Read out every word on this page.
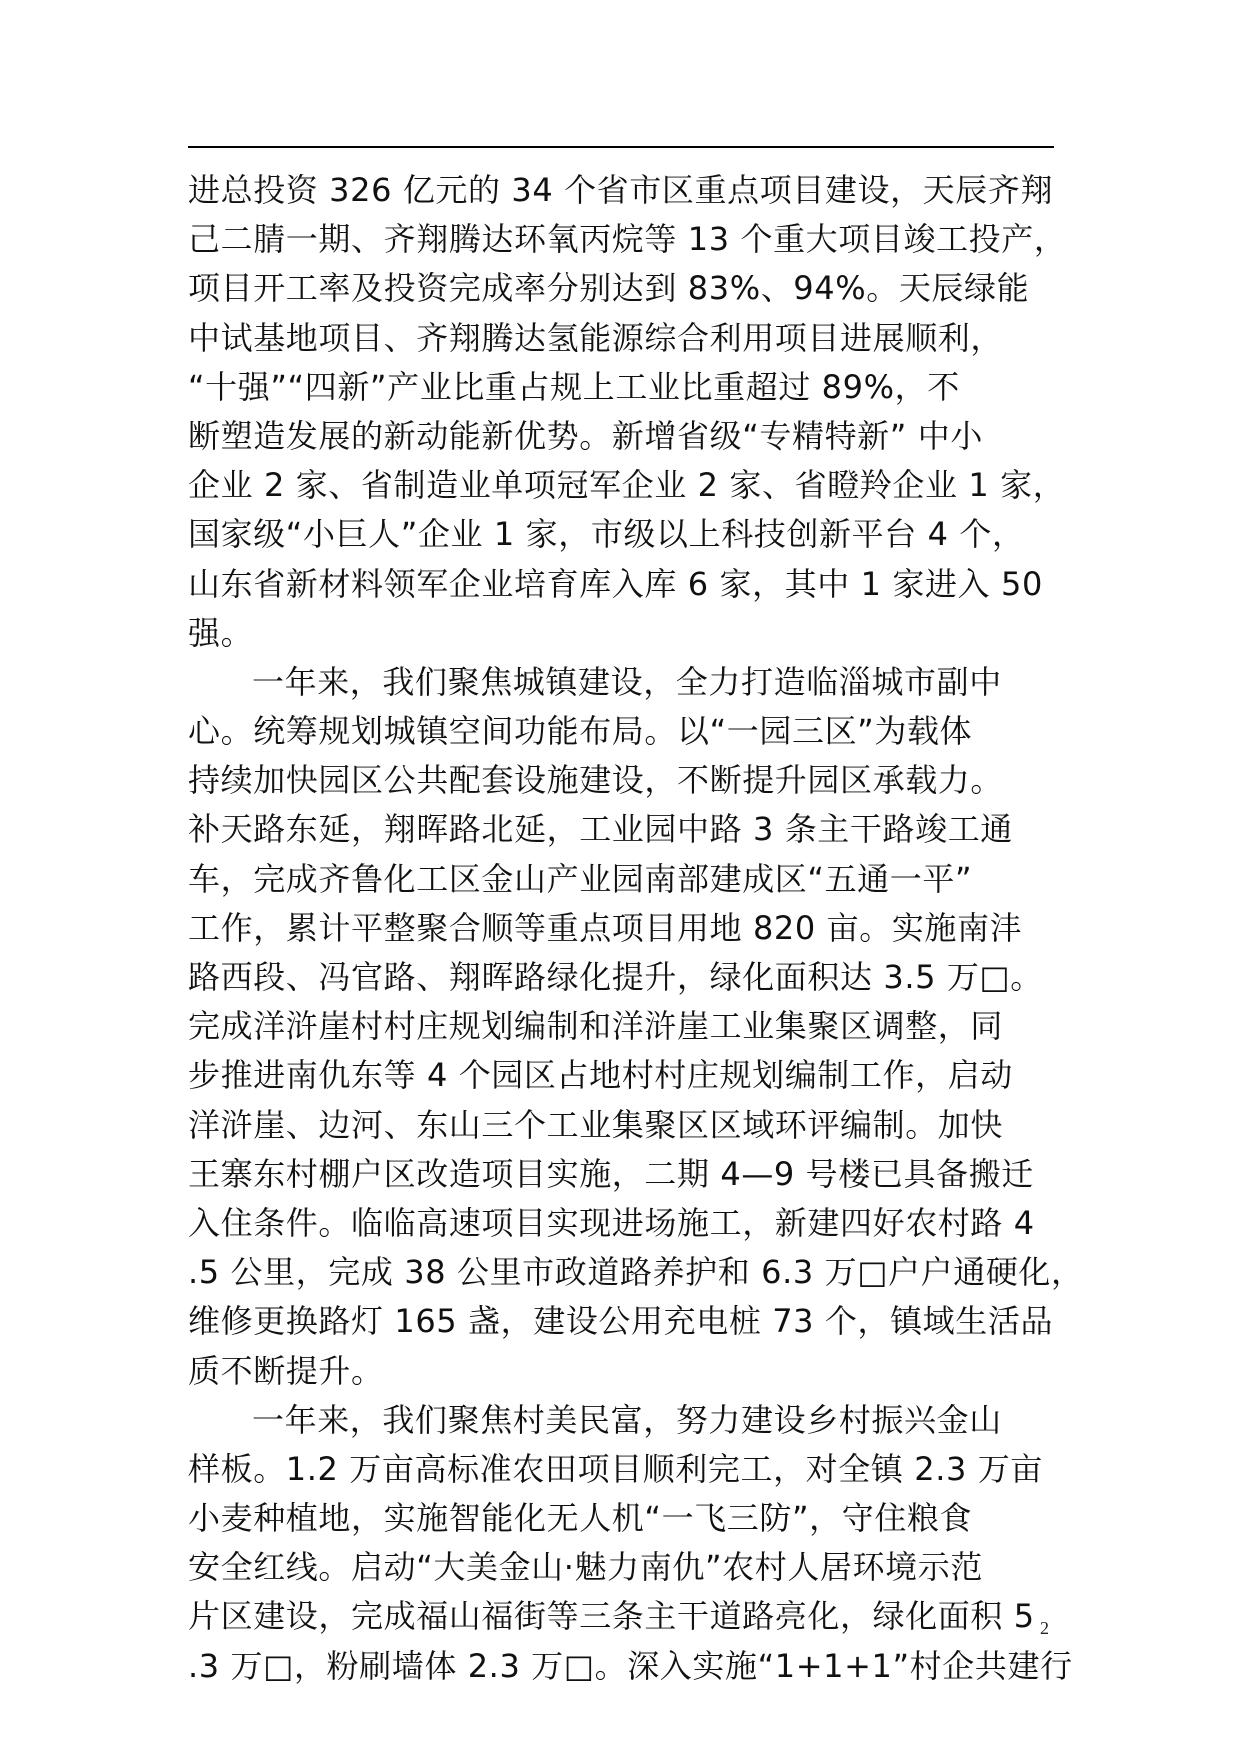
进总投资 326 亿元的 34 个省市区重点项目建设，天辰齐翔
己二腈一期、齐翔腾达环氧丙烷等 13 个重大项目竣工投产，
项目开工率及投资完成率分别达到 83%、94%。天辰绿能
中试基地项目、齐翔腾达氢能源综合利用项目进展顺利，
“十强”“四新”产业比重占规上工业比重超过 89%，不
断塑造发展的新动能新优势。新增省级“专精特新” 中小
企业 2 家、省制造业单项冠军企业 2 家、省瞪羚企业 1 家，
国家级“小巨人”企业 1 家，市级以上科技创新平台 4 个，
山东省新材料领军企业培育库入库 6 家，其中 1 家进入 50
强。
一年来，我们聚焦城镇建设，全力打造临淄城市副中
心。统筹规划城镇空间功能布局。以“一园三区”为载体
持续加快园区公共配套设施建设，不断提升园区承载力。
补天路东延，翔晖路北延，工业园中路 3 条主干路竣工通
车，完成齐鲁化工区金山产业园南部建成区“五通一平”
工作，累计平整聚合顺等重点项目用地 820 亩。实施南沣
路西段、冯官路、翔晖路绿化提升，绿化面积达 3.5 万□。
完成洋浒崖村村庄规划编制和洋浒崖工业集聚区调整，同
步推进南仇东等 4 个园区占地村村庄规划编制工作，启动
洋浒崖、边河、东山三个工业集聚区区域环评编制。加快
王寨东村棚户区改造项目实施，二期 4—9 号楼已具备搬迁
入住条件。临临高速项目实现进场施工，新建四好农村路 4
.5 公里，完成 38 公里市政道路养护和 6.3 万□户户通硬化，
维修更换路灯 165 盏，建设公用充电桩 73 个，镇域生活品
质不断提升。
一年来，我们聚焦村美民富，努力建设乡村振兴金山
样板。1.2 万亩高标准农田项目顺利完工，对全镇 2.3 万亩
小麦种植地，实施智能化无人机“一飞三防”，守住粮食
安全红线。启动“大美金山·魅力南仇”农村人居环境示范
片区建设，完成福山福街等三条主干道路亮化，绿化面积 5
.3 万□，粉刷墙体 2.3 万□。深入实施“1+1+1”村企共建行
2
